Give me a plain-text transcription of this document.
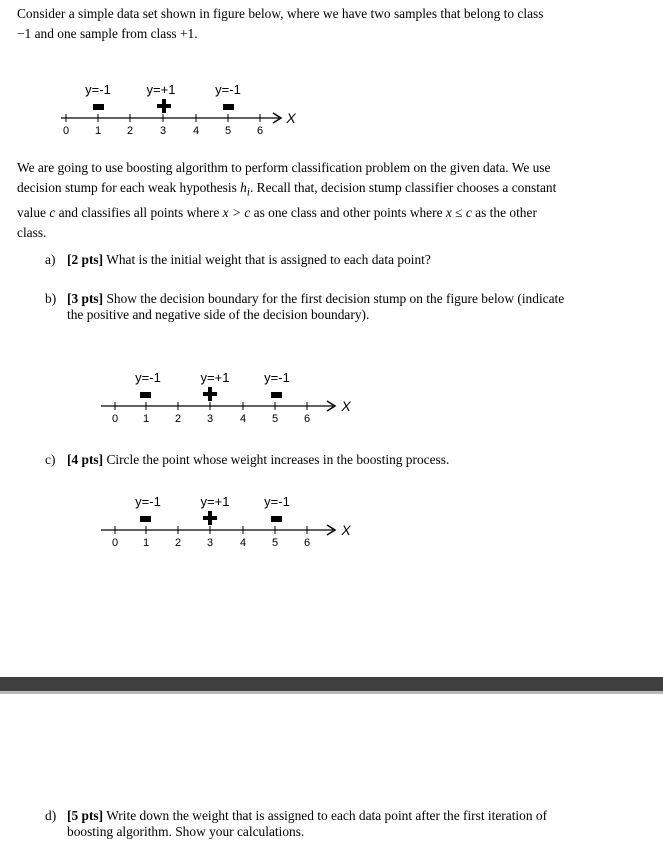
Consider a simple data set shown in figure below, where we have two samples that belong to class
−1 and one sample from class +1.
y=-1	y=+1	y=-1
X
0 1 2 3 4 5 6
We are going to use boosting algorithm to perform classification problem on the given data. We use
decision stump for each weak hypothesis $h_i$. Recall that, decision stump classifier chooses a constant
value c and classifies all points where x > c as one class and other points where x ≤ c as the other
class.
a) [2 pts] What is the initial weight that is assigned to each data point?
b) [3 pts] Show the decision boundary for the first decision stump on the figure below (indicate
the positive and negative side of the decision boundary).
y=-1	y=+1	y=-1
X
0 1 2 3 4 5 6
c) [4 pts] Circle the point whose weight increases in the boosting process.
y=-1	y=+1	y=-1
X
0 1 2 3 4 5 6
d) [5 pts] Write down the weight that is assigned to each data point after the first iteration of
boosting algorithm. Show your calculations.
